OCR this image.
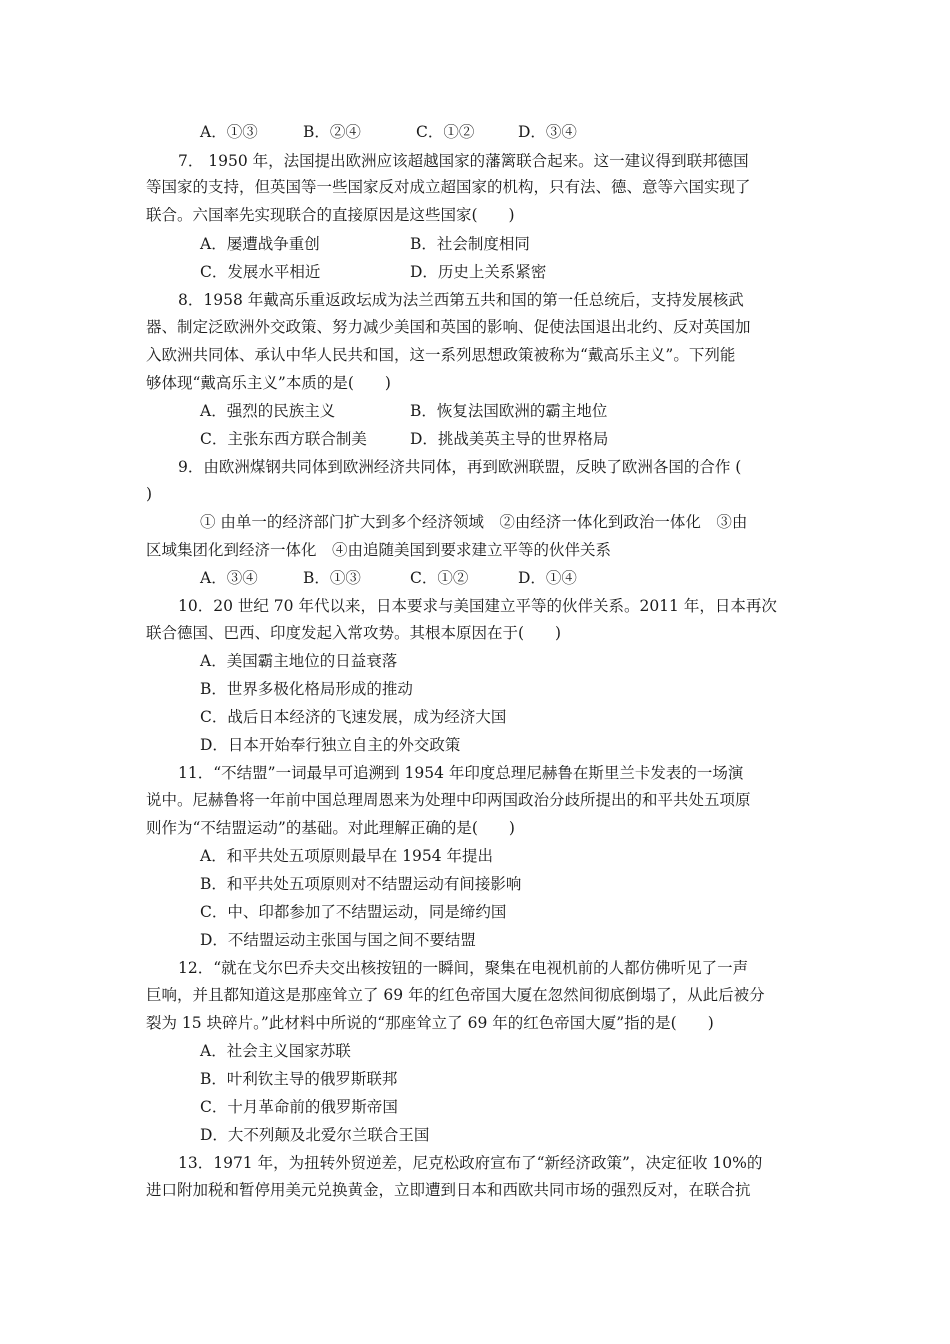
A．①③	B．②④	C．①②	D．③④
7． 1950 年，法国提出欧洲应该超越国家的藩篱联合起来。这一建议得到联邦德国
等国家的支持，但英国等一些国家反对成立超国家的机构，只有法、德、意等六国实现了
联合。六国率先实现联合的直接原因是这些国家(　　)
A．屡遭战争重创	B．社会制度相同
C．发展水平相近	D．历史上关系紧密
8．1958 年戴高乐重返政坛成为法兰西第五共和国的第一任总统后，支持发展核武
器、制定泛欧洲外交政策、努力减少美国和英国的影响、促使法国退出北约、反对英国加
入欧洲共同体、承认中华人民共和国，这一系列思想政策被称为“戴高乐主义”。下列能
够体现“戴高乐主义”本质的是(　　)
A．强烈的民族主义	B．恢复法国欧洲的霸主地位
C．主张东西方联合制美	D．挑战美英主导的世界格局
9．由欧洲煤钢共同体到欧洲经济共同体，再到欧洲联盟，反映了欧洲各国的合作 (
)
① 由单一的经济部门扩大到多个经济领域　②由经济一体化到政治一体化　③由
区域集团化到经济一体化　④由追随美国到要求建立平等的伙伴关系
A．③④	B．①③	C．①②	D．①④
10．20 世纪 70 年代以来，日本要求与美国建立平等的伙伴关系。2011 年，日本再次
联合德国、巴西、印度发起入常攻势。其根本原因在于(　　)
A．美国霸主地位的日益衰落
B．世界多极化格局形成的推动
C．战后日本经济的飞速发展，成为经济大国
D．日本开始奉行独立自主的外交政策
11．“不结盟”一词最早可追溯到 1954 年印度总理尼赫鲁在斯里兰卡发表的一场演
说中。尼赫鲁将一年前中国总理周恩来为处理中印两国政治分歧所提出的和平共处五项原
则作为“不结盟运动”的基础。对此理解正确的是(　　)
A．和平共处五项原则最早在 1954 年提出
B．和平共处五项原则对不结盟运动有间接影响
C．中、印都参加了不结盟运动，同是缔约国
D．不结盟运动主张国与国之间不要结盟
12．“就在戈尔巴乔夫交出核按钮的一瞬间，聚集在电视机前的人都仿佛听见了一声
巨响，并且都知道这是那座耸立了 69 年的红色帝国大厦在忽然间彻底倒塌了，从此后被分
裂为 15 块碎片。”此材料中所说的“那座耸立了 69 年的红色帝国大厦”指的是(　　)
A．社会主义国家苏联
B．叶利钦主导的俄罗斯联邦
C．十月革命前的俄罗斯帝国
D．大不列颠及北爱尔兰联合王国
13．1971 年，为扭转外贸逆差，尼克松政府宣布了“新经济政策”，决定征收 10%的
进口附加税和暂停用美元兑换黄金，立即遭到日本和西欧共同市场的强烈反对，在联合抗
